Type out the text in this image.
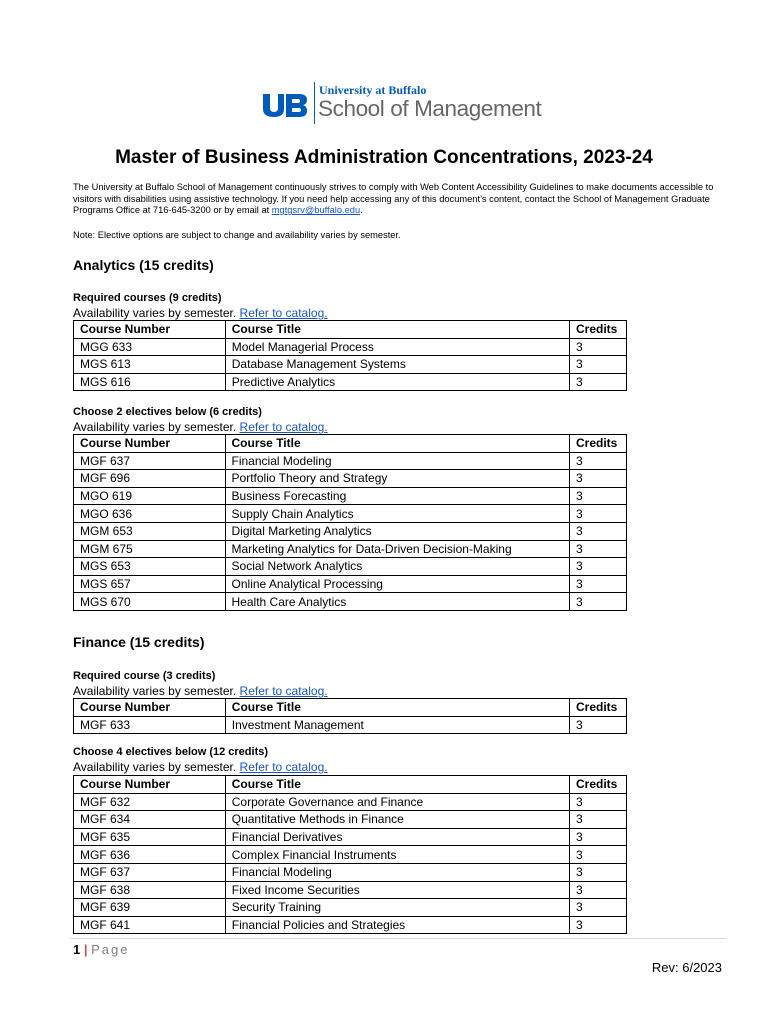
University at Buffalo
School of Management
Master of Business Administration Concentrations, 2023-24

The University at Buffalo School of Management continuously strives to comply with Web Content Accessibility Guidelines to make documents accessible to visitors with disabilities using assistive technology. If you need help accessing any of this document’s content, contact the School of Management Graduate Programs Office at 716-645-3200 or by email at mgtgsrv@buffalo.edu.

Note: Elective options are subject to change and availability varies by semester.

Analytics (15 credits)
Required courses (9 credits)
Availability varies by semester. Refer to catalog.
Course Number	Course Title	Credits
MGG 633	Model Managerial Process	3
MGS 613	Database Management Systems	3
MGS 616	Predictive Analytics	3
Choose 2 electives below (6 credits)
Availability varies by semester. Refer to catalog.
Course Number	Course Title	Credits
MGF 637	Financial Modeling	3
MGF 696	Portfolio Theory and Strategy	3
MGO 619	Business Forecasting	3
MGO 636	Supply Chain Analytics	3
MGM 653	Digital Marketing Analytics	3
MGM 675	Marketing Analytics for Data-Driven Decision-Making	3
MGS 653	Social Network Analytics	3
MGS 657	Online Analytical Processing	3
MGS 670	Health Care Analytics	3
Finance (15 credits)
Required course (3 credits)
Availability varies by semester. Refer to catalog.
Course Number	Course Title	Credits
MGF 633	Investment Management	3
Choose 4 electives below (12 credits)
Availability varies by semester. Refer to catalog.
Course Number	Course Title	Credits
MGF 632	Corporate Governance and Finance	3
MGF 634	Quantitative Methods in Finance	3
MGF 635	Financial Derivatives	3
MGF 636	Complex Financial Instruments	3
MGF 637	Financial Modeling	3
MGF 638	Fixed Income Securities	3
MGF 639	Security Training	3
MGF 641	Financial Policies and Strategies	3
1 | Page
Rev: 6/2023
